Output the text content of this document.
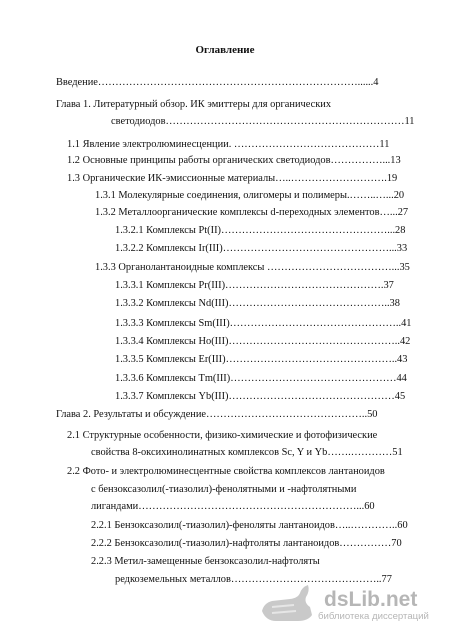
Оглавление
Введение…………………………………………………………………......4
Глава 1. Литературный обзор. ИК эмиттеры для органических
светодиодов……………………………………………………………11
1.1 Явление электролюминесценции. ……………………………………11
1.2 Основные принципы работы органических светодиодов……………...13
1.3 Органические ИК-эмиссионные материалы…..……………………….19
1.3.1 Молекулярные соединения, олигомеры и полимеры.……..…...20
1.3.2 Металлоорганические комплексы d-переходных элементов…...27
1.3.2.1 Комплексы Pt(II)…………………………………………...28
1.3.2.2 Комплексы Ir(III)…………………………………………...33
1.3.3 Органолантаноидные комплексы ………………………………...35
1.3.3.1 Комплексы Pr(III)……………………………………….37
1.3.3.2 Комплексы Nd(III)………………………………………..38
1.3.3.3 Комплексы Sm(III)…………………………………………..41
1.3.3.4 Комплексы Ho(III)…………………………………………..42
1.3.3.5 Комплексы Er(III)…………………………………………..43
1.3.3.6 Комплексы Tm(III)…………………………………………44
1.3.3.7 Комплексы Yb(III)…………………………………………45
Глава 2. Результаты и обсуждение………………………………………..50
2.1 Структурные особенности, физико-химические и фотофизические
свойства 8-оксихинолинатных комплексов Sc, Y и Yb…….…………51
2.2 Фото- и электролюминесцентные свойства комплексов лантаноидов
с бензоксазолил(-тиазолил)-фенолятными и -нафтолятными
лигандами………………………………………………………...60
2.2.1 Бензоксазолил(-тиазолил)-феноляты лантаноидов…..…………..60
2.2.2 Бензоксазолил(-тиазолил)-нафтоляты лантаноидов……………70
2.2.3 Метил-замещенные бензоксазолил-нафтоляты
редкоземельных металлов……………………………………..77
dsLib.net
библиотека диссертаций
